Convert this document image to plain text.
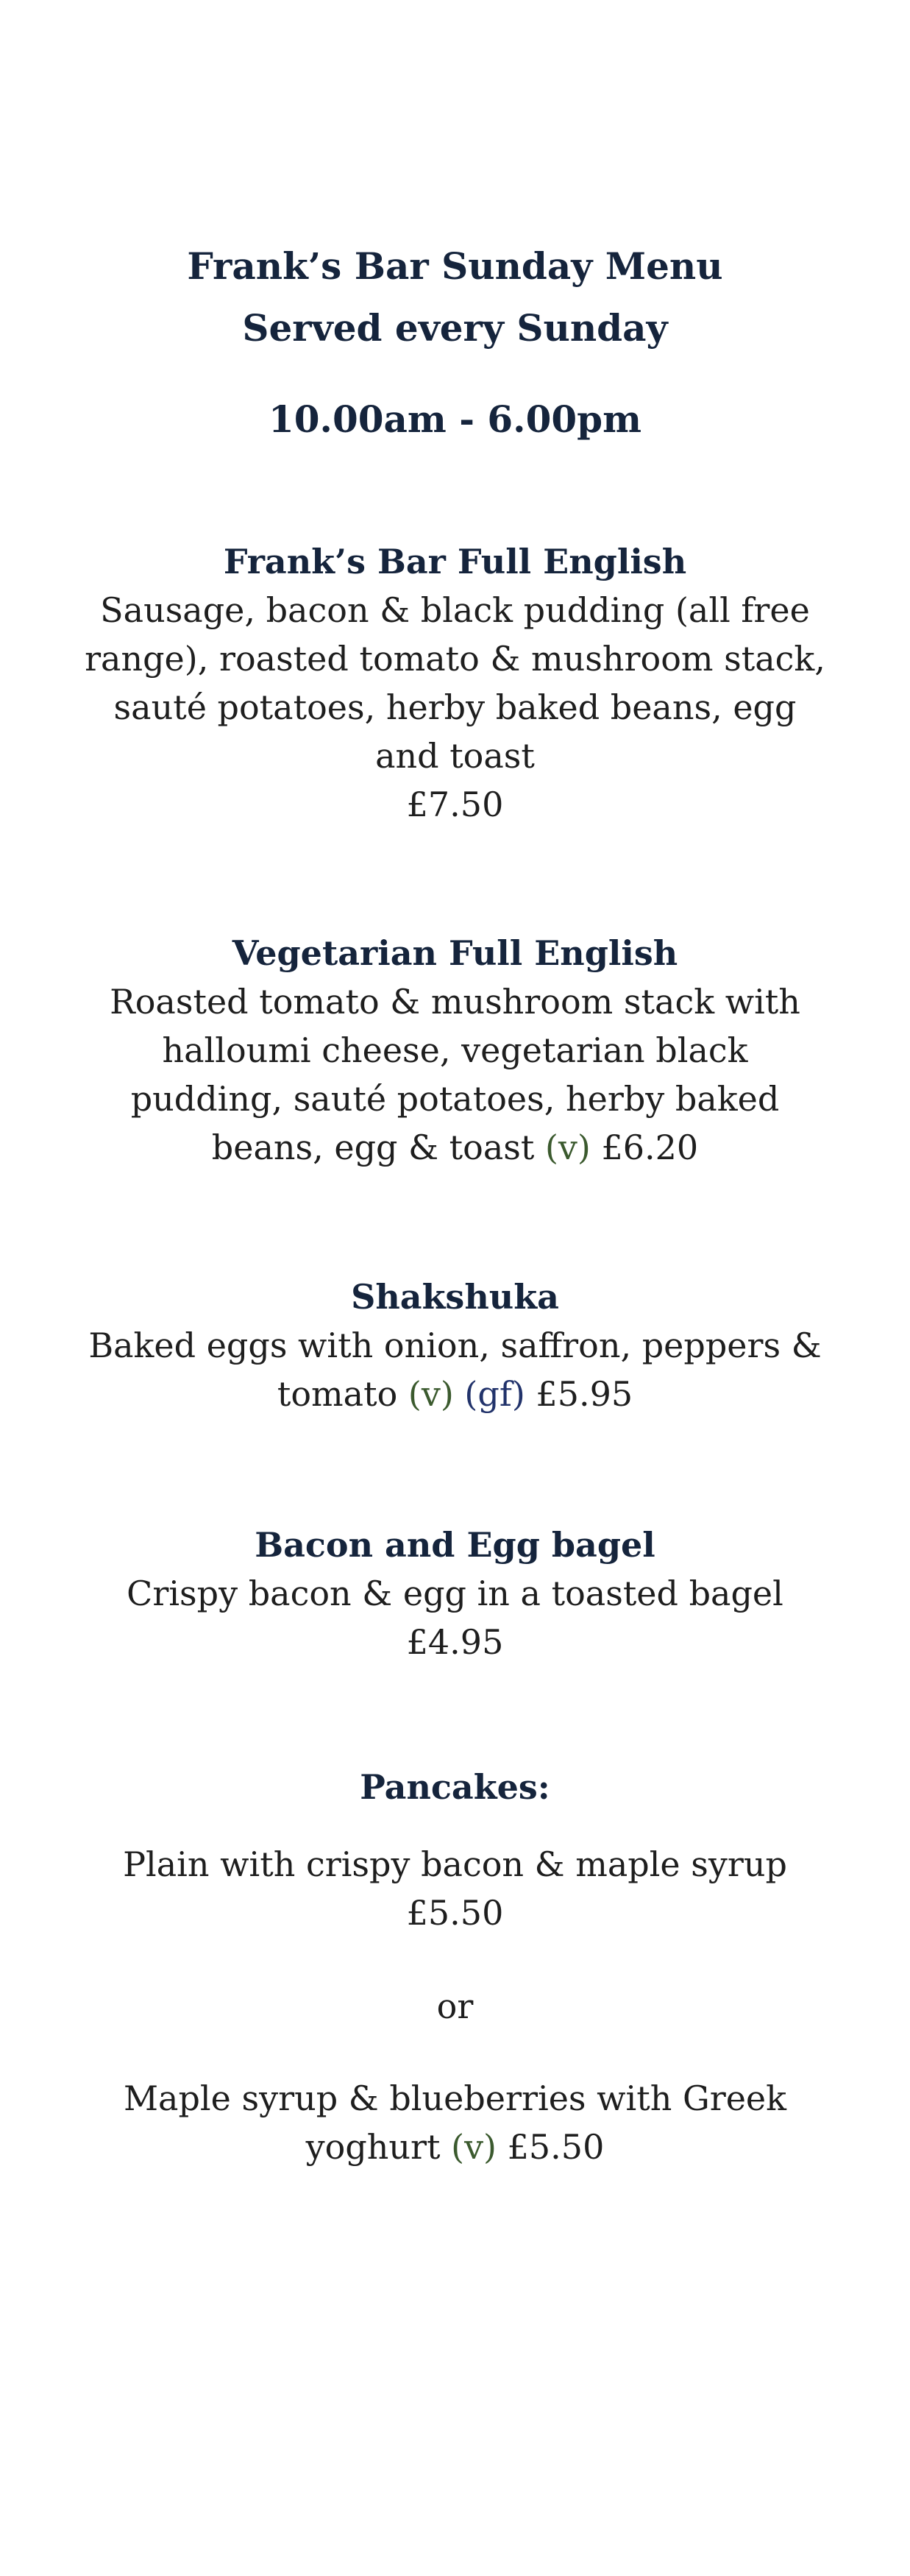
Frank’s Bar Sunday Menu

Served every Sunday

10.00am - 6.00pm

Frank’s Bar Full English

Sausage, bacon & black pudding (all free range), roasted tomato & mushroom stack, sauté potatoes, herby baked beans, egg and toast
£7.50

Vegetarian Full English

Roasted tomato & mushroom stack with halloumi cheese, vegetarian black pudding, sauté potatoes, herby baked beans, egg & toast (v) £6.20

Shakshuka

Baked eggs with onion, saffron, peppers & tomato (v) (gf) £5.95

Bacon and Egg bagel

Crispy bacon & egg in a toasted bagel £4.95

Pancakes:

Plain with crispy bacon & maple syrup £5.50

or

Maple syrup & blueberries with Greek yoghurt (v) £5.50
